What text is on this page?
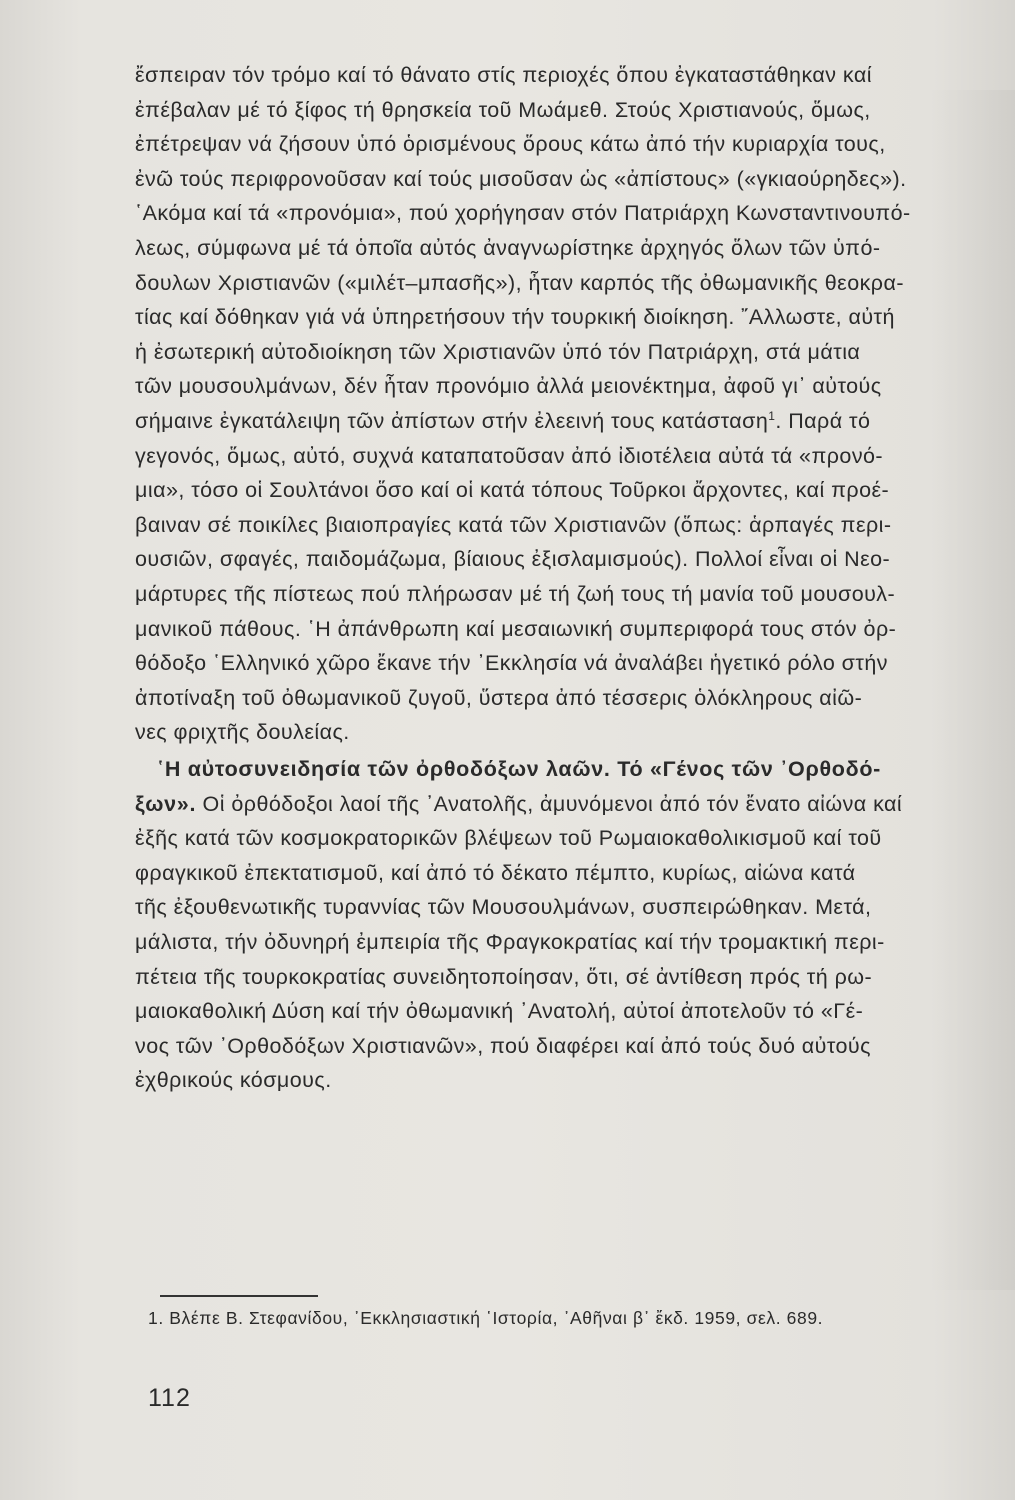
ἔσπειραν τόν τρόμο καί τό θάνατο στίς περιοχές ὅπου ἐγκαταστάθηκαν καί
ἐπέβαλαν μέ τό ξίφος τή θρησκεία τοῦ Μωάμεθ. Στούς Χριστιανούς, ὅμως,
ἐπέτρεψαν νά ζήσουν ὑπό ὁρισμένους ὅρους κάτω ἀπό τήν κυριαρχία τους,
ἐνῶ τούς περιφρονοῦσαν καί τούς μισοῦσαν ὡς «ἀπίστους» («γκιαούρηδες»).
῾Ακόμα καί τά «προνόμια», πού χορήγησαν στόν Πατριάρχη Κωνσταντινουπό-
λεως, σύμφωνα μέ τά ὁποῖα αὐτός ἀναγνωρίστηκε ἀρχηγός ὅλων τῶν ὑπό-
δουλων Χριστιανῶν («μιλέτ–μπασῆς»), ἦταν καρπός τῆς ὀθωμανικῆς θεοκρα-
τίας καί δόθηκαν γιά νά ὑπηρετήσουν τήν τουρκική διοίκηση. ῎Αλλωστε, αὐτή
ἡ ἐσωτερική αὐτοδιοίκηση τῶν Χριστιανῶν ὑπό τόν Πατριάρχη, στά μάτια
τῶν μουσουλμάνων, δέν ἦταν προνόμιο ἀλλά μειονέκτημα, ἀφοῦ γι᾽ αὐτούς
σήμαινε ἐγκατάλειψη τῶν ἀπίστων στήν ἐλεεινή τους κατάσταση$^1$. Παρά τό
γεγονός, ὅμως, αὐτό, συχνά καταπατοῦσαν ἀπό ἰδιοτέλεια αὐτά τά «προνό-
μια», τόσο οἱ Σουλτάνοι ὅσο καί οἱ κατά τόπους Τοῦρκοι ἄρχοντες, καί προέ-
βαιναν σέ ποικίλες βιαιοπραγίες κατά τῶν Χριστιανῶν (ὅπως: ἁρπαγές περι-
ουσιῶν, σφαγές, παιδομάζωμα, βίαιους ἐξισλαμισμούς). Πολλοί εἶναι οἱ Νεο-
μάρτυρες τῆς πίστεως πού πλήρωσαν μέ τή ζωή τους τή μανία τοῦ μουσουλ-
μανικοῦ πάθους. ῾Η ἀπάνθρωπη καί μεσαιωνική συμπεριφορά τους στόν ὀρ-
θόδοξο ῾Ελληνικό χῶρο ἔκανε τήν ᾿Εκκλησία νά ἀναλάβει ἡγετικό ρόλο στήν
ἀποτίναξη τοῦ ὀθωμανικοῦ ζυγοῦ, ὕστερα ἀπό τέσσερις ὁλόκληρους αἰῶ-
νες φριχτῆς δουλείας.

῾Η αὐτοσυνειδησία τῶν ὀρθοδόξων λαῶν. Τό «Γένος τῶν ᾿Ορθοδό-
ξων». Οἱ ὀρθόδοξοι λαοί τῆς ᾿Ανατολῆς, ἀμυνόμενοι ἀπό τόν ἔνατο αἰώνα καί
ἐξῆς κατά τῶν κοσμοκρατορικῶν βλέψεων τοῦ Ρωμαιοκαθολικισμοῦ καί τοῦ
φραγκικοῦ ἐπεκτατισμοῦ, καί ἀπό τό δέκατο πέμπτο, κυρίως, αἰώνα κατά
τῆς ἐξουθενωτικῆς τυραννίας τῶν Μουσουλμάνων, συσπειρώθηκαν. Μετά,
μάλιστα, τήν ὀδυνηρή ἐμπειρία τῆς Φραγκοκρατίας καί τήν τρομακτική περι-
πέτεια τῆς τουρκοκρατίας συνειδητοποίησαν, ὅτι, σέ ἀντίθεση πρός τή ρω-
μαιοκαθολική Δύση καί τήν ὀθωμανική ᾿Ανατολή, αὐτοί ἀποτελοῦν τό «Γέ-
νος τῶν ᾿Ορθοδόξων Χριστιανῶν», πού διαφέρει καί ἀπό τούς δυό αὐτούς
ἐχθρικούς κόσμους.

1. Βλέπε Β. Στεφανίδου, ᾿Εκκλησιαστική ῾Ιστορία, ᾿Αθῆναι β᾽ ἔκδ. 1959, σελ. 689.
112
